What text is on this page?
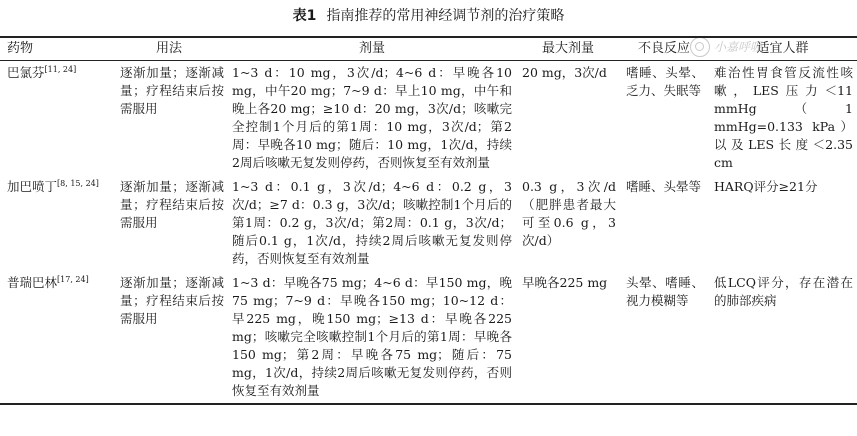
表1 指南推荐的常用神经调节剂的治疗策略
小嘉呼吸
药物	用法	剂量	最大剂量	不良反应	适宜人群
巴氯芬[11, 24]	逐渐加量；逐渐减量；疗程结束后按需服用	1~3 d：10 mg，3次/d；4~6 d：早晚各10 mg，中午20 mg；7~9 d：早上10 mg，中午和晚上各20 mg；≥10 d：20 mg，3次/d；咳嗽完全控制1个月后的第1周：10 mg，3次/d；第2周：早晚各10 mg；随后：10 mg，1次/d，持续2周后咳嗽无复发则停药，否则恢复至有效剂量	20 mg，3次/d	嗜睡、头晕、乏力、失眠等	难治性胃食管反流性咳嗽，LES压力＜11 mmHg（1 mmHg=0.133 kPa）以及LES长度＜2.35 cm
加巴喷丁[8, 15, 24]	逐渐加量；逐渐减量；疗程结束后按需服用	1~3 d：0.1 g，3次/d；4~6 d：0.2 g，3次/d；≥7 d：0.3 g，3次/d；咳嗽控制1个月后的第1周：0.2 g，3次/d；第2周：0.1 g，3次/d；随后0.1 g，1次/d，持续2周后咳嗽无复发则停药，否则恢复至有效剂量	0.3 g，3次/d（肥胖患者最大可至0.6 g，3次/d）	嗜睡、头晕等	HARQ评分≥21分
普瑞巴林[17, 24]	逐渐加量；逐渐减量；疗程结束后按需服用	1~3 d：早晚各75 mg；4~6 d：早150 mg，晚75 mg；7~9 d：早晚各150 mg；10~12 d：早225 mg，晚150 mg；≥13 d：早晚各225 mg；咳嗽完全咳嗽控制1个月后的第1周：早晚各150 mg；第2周：早晚各75 mg；随后：75 mg，1次/d，持续2周后咳嗽无复发则停药，否则恢复至有效剂量	早晚各225 mg	头晕、嗜睡、视力模糊等	低LCQ评分，存在潜在的肺部疾病
